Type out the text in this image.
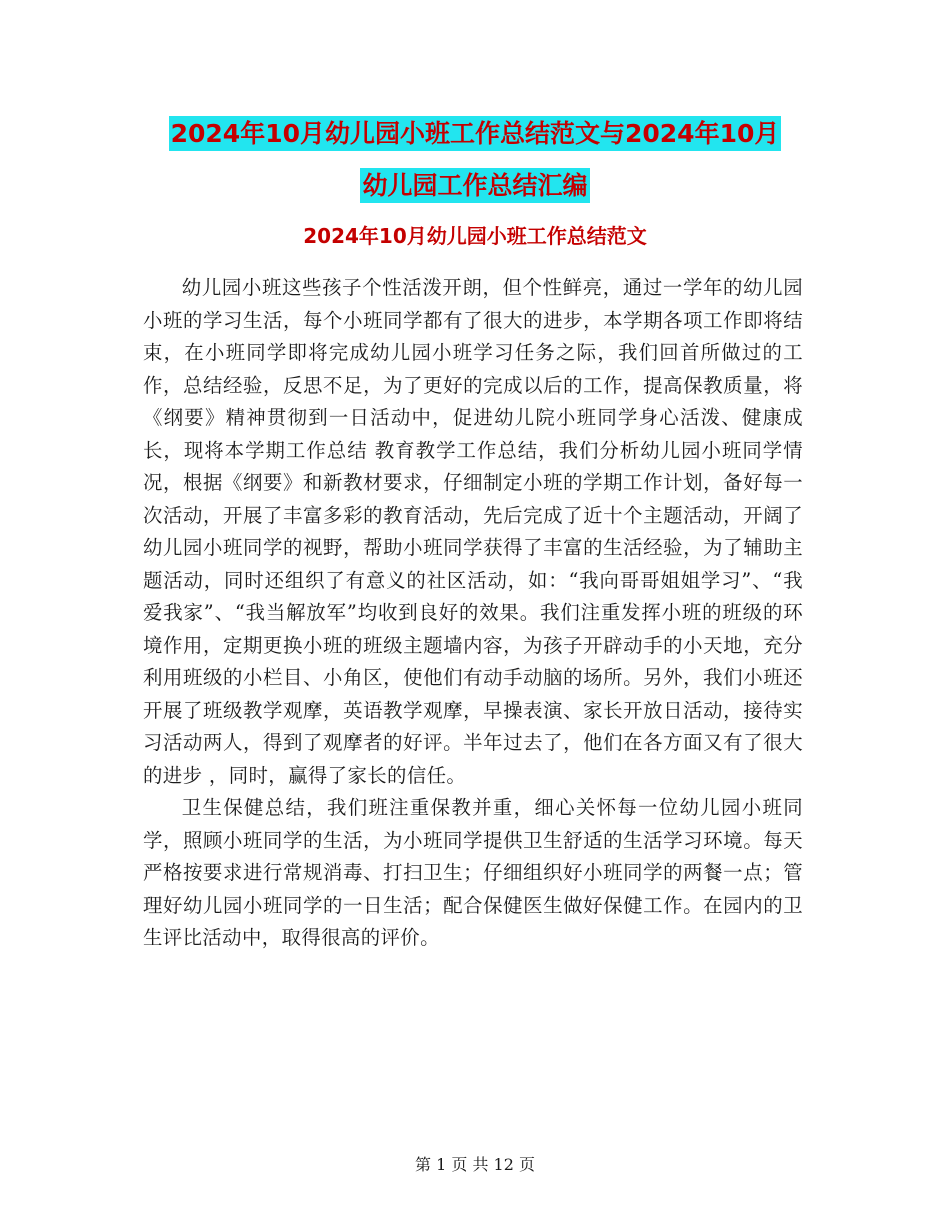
2024年10月幼儿园小班工作总结范文与2024年10月
幼儿园工作总结汇编
2024年10月幼儿园小班工作总结范文

幼儿园小班这些孩子个性活泼开朗，但个性鲜亮，通过一学年的幼儿园小班的学习生活，每个小班同学都有了很大的进步，本学期各项工作即将结束，在小班同学即将完成幼儿园小班学习任务之际，我们回首所做过的工作，总结经验，反思不足，为了更好的完成以后的工作，提高保教质量，将《纲要》精神贯彻到一日活动中，促进幼儿院小班同学身心活泼、健康成长，现将本学期工作总结 教育教学工作总结，我们分析幼儿园小班同学情况，根据《纲要》和新教材要求，仔细制定小班的学期工作计划，备好每一次活动，开展了丰富多彩的教育活动，先后完成了近十个主题活动，开阔了幼儿园小班同学的视野，帮助小班同学获得了丰富的生活经验，为了辅助主题活动，同时还组织了有意义的社区活动，如：“我向哥哥姐姐学习”、“我爱我家”、“我当解放军”均收到良好的效果。我们注重发挥小班的班级的环境作用，定期更换小班的班级主题墙内容，为孩子开辟动手的小天地，充分利用班级的小栏目、小角区，使他们有动手动脑的场所。另外，我们小班还开展了班级教学观摩，英语教学观摩，早操表演、家长开放日活动，接待实习活动两人，得到了观摩者的好评。半年过去了，他们在各方面又有了很大的进步 ，同时，赢得了家长的信任。

卫生保健总结，我们班注重保教并重，细心关怀每一位幼儿园小班同学，照顾小班同学的生活，为小班同学提供卫生舒适的生活学习环境。每天严格按要求进行常规消毒、打扫卫生；仔细组织好小班同学的两餐一点；管理好幼儿园小班同学的一日生活；配合保健医生做好保健工作。在园内的卫生评比活动中，取得很高的评价。

第 1 页 共 12 页
